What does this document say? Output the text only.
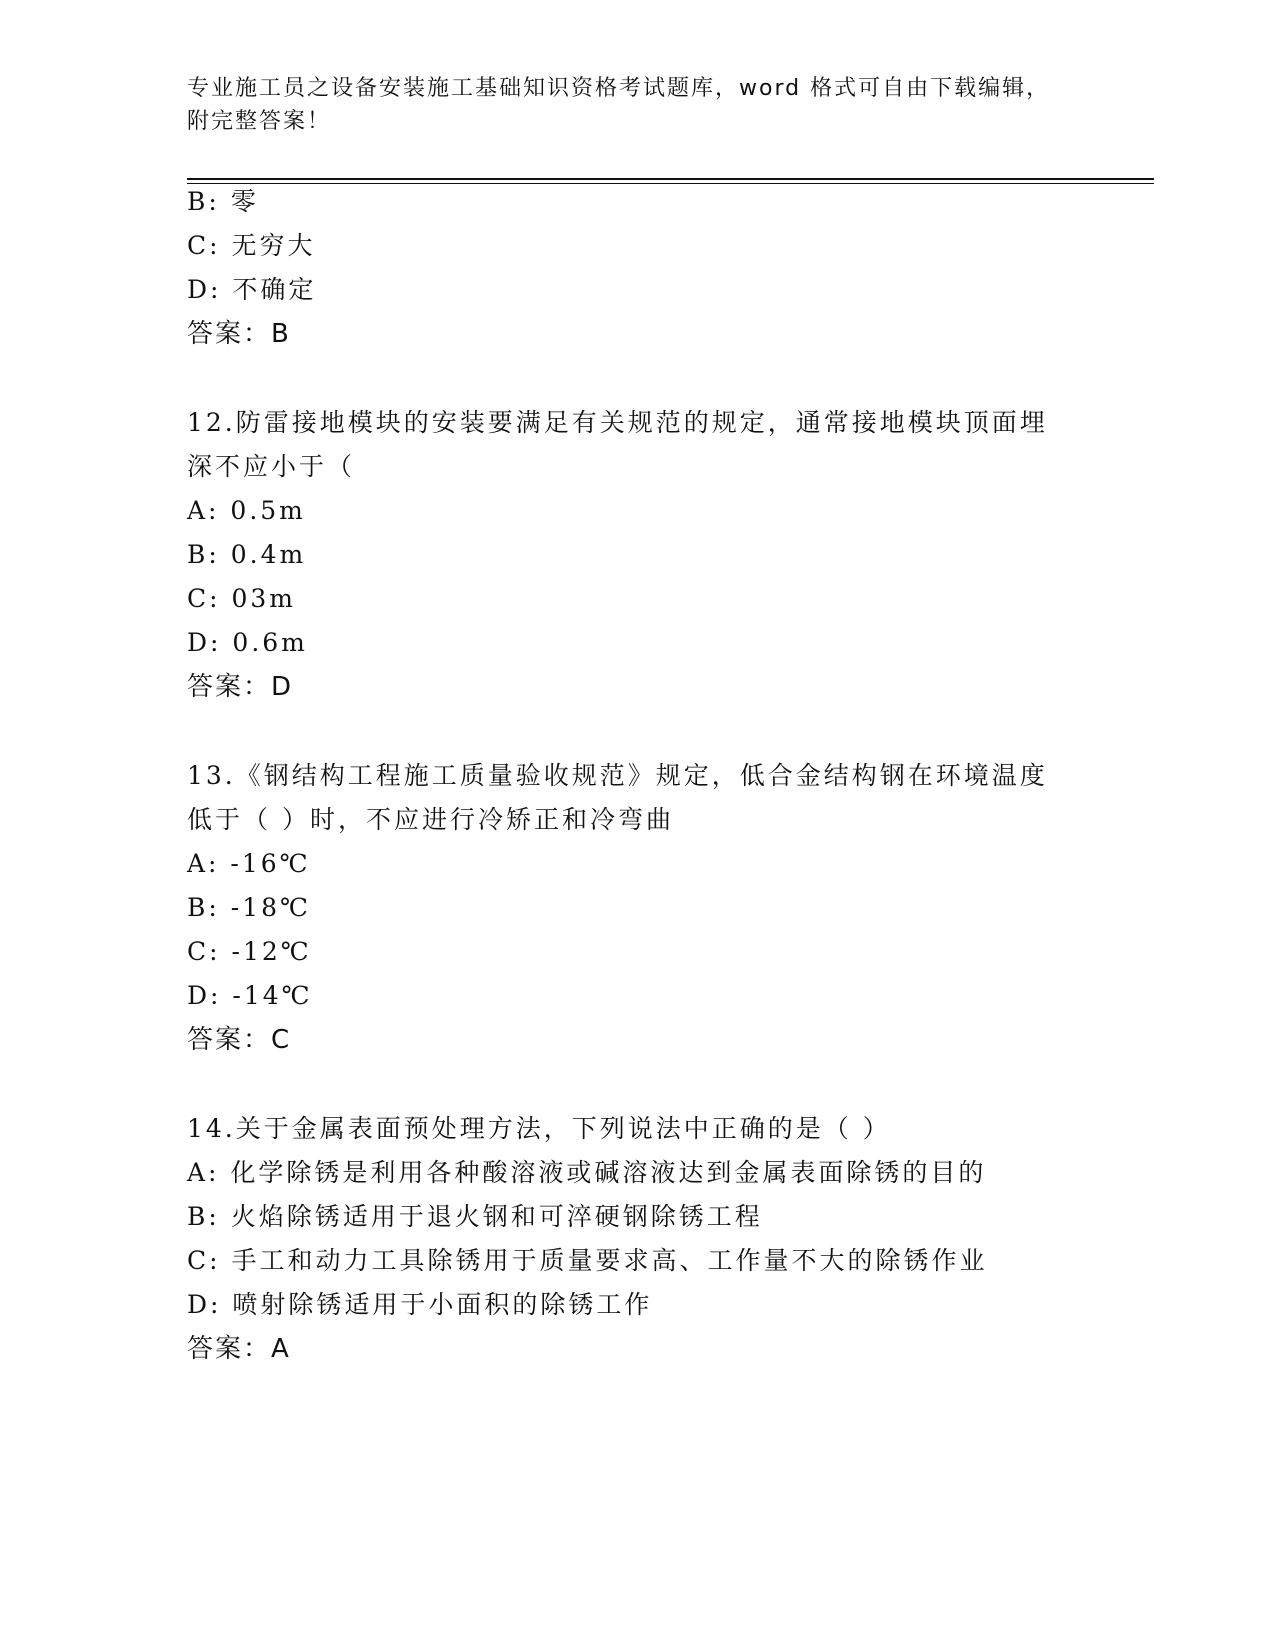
专业施工员之设备安装施工基础知识资格考试题库，word 格式可自由下载编辑，
附完整答案！
B: 零
C: 无穷大
D: 不确定
答案：B
12.防雷接地模块的安装要满足有关规范的规定，通常接地模块顶面埋
深不应小于（
A: 0.5m
B: 0.4m
C: 03m
D: 0.6m
答案：D
13.《钢结构工程施工质量验收规范》规定，低合金结构钢在环境温度
低于（ ）时，不应进行冷矫正和冷弯曲
A: -16℃
B: -18℃
C: -12℃
D: -14℃
答案：C
14.关于金属表面预处理方法，下列说法中正确的是（ ）
A: 化学除锈是利用各种酸溶液或碱溶液达到金属表面除锈的目的
B: 火焰除锈适用于退火钢和可淬硬钢除锈工程
C: 手工和动力工具除锈用于质量要求高、工作量不大的除锈作业
D: 喷射除锈适用于小面积的除锈工作
答案：A
